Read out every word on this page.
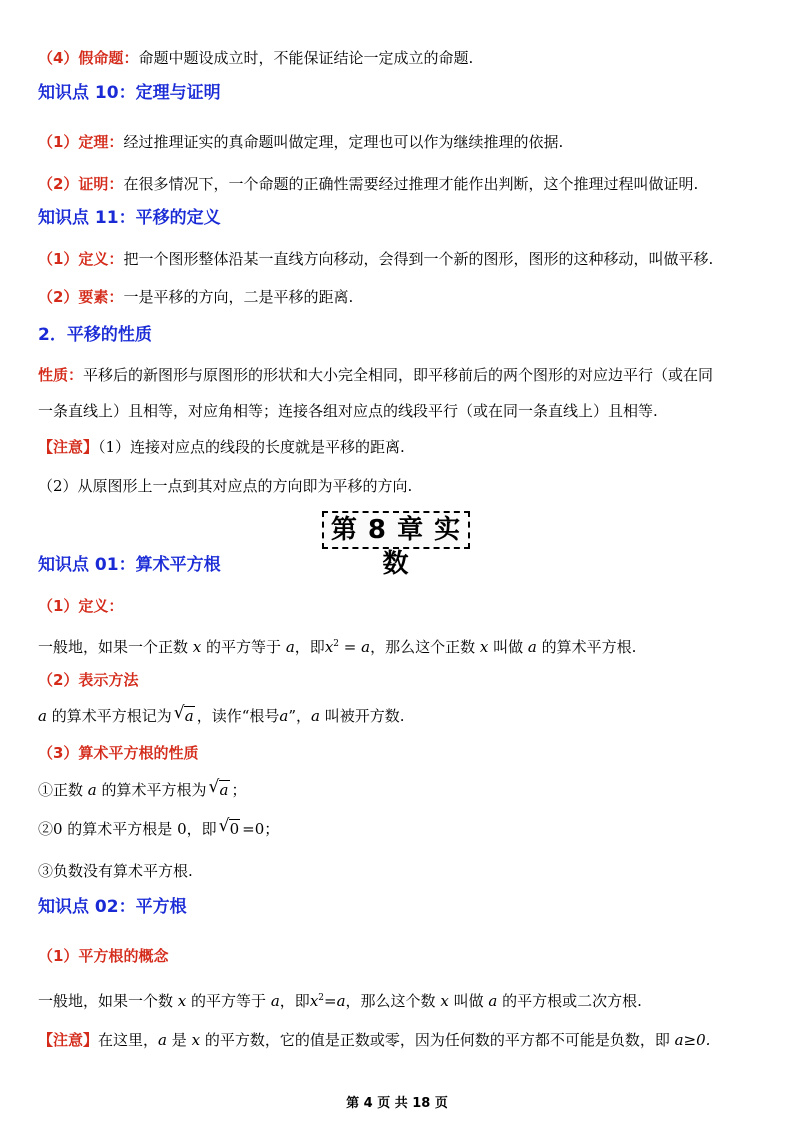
（4）假命题：命题中题设成立时，不能保证结论一定成立的命题.
知识点 10：定理与证明
（1）定理：经过推理证实的真命题叫做定理，定理也可以作为继续推理的依据.
（2）证明：在很多情况下，一个命题的正确性需要经过推理才能作出判断，这个推理过程叫做证明.
知识点 11：平移的定义
（1）定义：把一个图形整体沿某一直线方向移动，会得到一个新的图形，图形的这种移动，叫做平移.
（2）要素：一是平移的方向，二是平移的距离.
2．平移的性质
性质：平移后的新图形与原图形的形状和大小完全相同，即平移前后的两个图形的对应边平行（或在同
一条直线上）且相等，对应角相等；连接各组对应点的线段平行（或在同一条直线上）且相等.
【注意】（1）连接对应点的线段的长度就是平移的距离.
（2）从原图形上一点到其对应点的方向即为平移的方向.
第 8 章 实数
知识点 01：算术平方根
（1）定义：
一般地，如果一个正数 x 的平方等于 a，即$x^2 = a$，那么这个正数 x 叫做 a 的算术平方根.
（2）表示方法
a 的算术平方根记为 √ a ，读作“根号a”，a 叫被开方数.
（3）算术平方根的性质
①正数 a 的算术平方根为 √ a ；
②0 的算术平方根是 0，即 √ 0 =0；
③负数没有算术平方根.
知识点 02：平方根
（1）平方根的概念
一般地，如果一个数 x 的平方等于 a，即$x^2=a$，那么这个数 x 叫做 a 的平方根或二次方根.
【注意】在这里，a 是 x 的平方数，它的值是正数或零，因为任何数的平方都不可能是负数，即 a≥0.
第 4 页 共 18 页
